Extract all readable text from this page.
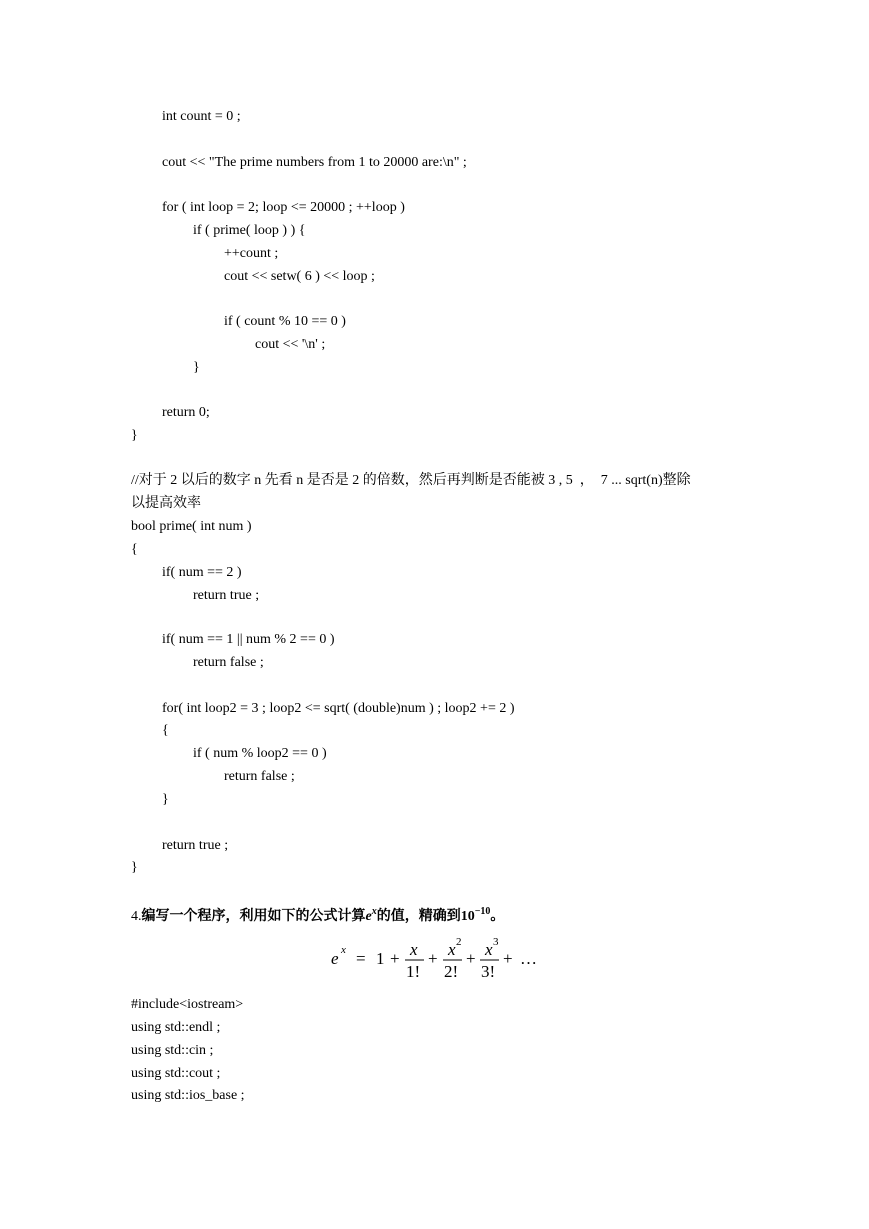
int count = 0 ;
cout << "The prime numbers from 1 to 20000 are:\n" ;
for ( int loop = 2; loop <= 20000 ; ++loop )
if ( prime( loop ) ) {
++count ;
cout << setw( 6 ) << loop ;
if ( count % 10 == 0 )
cout << '\n' ;
}
return 0;
}
//对于 2 以后的数字 n 先看 n 是否是 2 的倍数，然后再判断是否能被 3 , 5  ，  7 ... sqrt(n)整除
以提高效率
bool prime( int num )
{
if( num == 2 )
return true ;
if( num == 1 || num % 2 == 0 )
return false ;
for( int loop2 = 3 ; loop2 <= sqrt( (double)num ) ; loop2 += 2 )
{
if ( num % loop2 == 0 )
return false ;
}
return true ;
}
4.编写一个程序，利用如下的公式计算$e^x$的值，精确到$10^{-10}$。
e x = 1 + x
1!
+ x 2
2!
+ x 3
3!
+ …
#include<iostream>
using std::endl ;
using std::cin ;
using std::cout ;
using std::ios_base ;
